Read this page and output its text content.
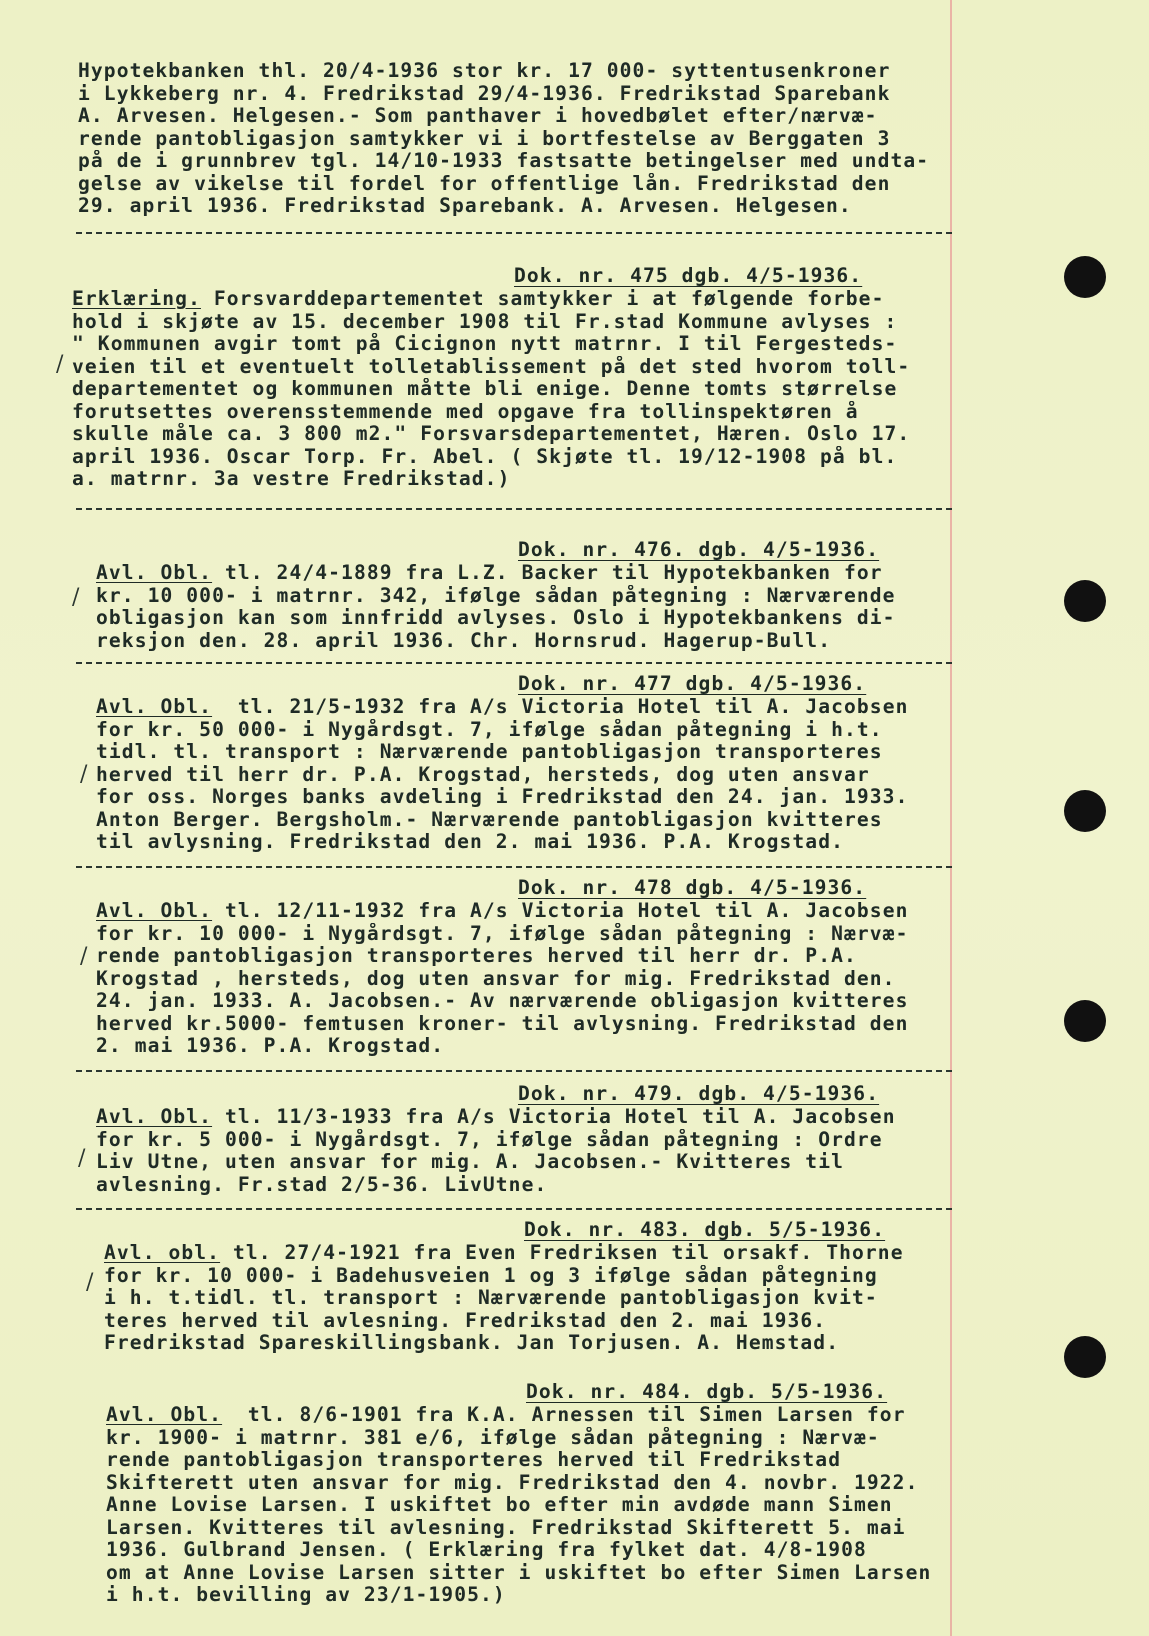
Hypotekbanken thl. 20/4-1936 stor kr. 17 000- syttentusenkroner
i Lykkeberg nr. 4. Fredrikstad 29/4-1936. Fredrikstad Sparebank
A. Arvesen. Helgesen.- Som panthaver i hovedbølet efter/nærvæ-
rende pantobligasjon samtykker vi i bortfestelse av Berggaten 3
på de i grunnbrev tgl. 14/10-1933 fastsatte betingelser med undta-
gelse av vikelse til fordel for offentlige lån. Fredrikstad den
29. april 1936. Fredrikstad Sparebank. A. Arvesen. Helgesen.
Dok. nr. 475 dgb. 4/5-1936.
Erklæring. Forsvarddepartementet samtykker i at følgende forbe-
hold i skjøte av 15. december 1908 til Fr.stad Kommune avlyses :
" Kommunen avgir tomt på Cicignon nytt matrnr. I til Fergesteds-
veien til et eventuelt tolletablissement på det sted hvorom toll-
departementet og kommunen måtte bli enige. Denne tomts størrelse
forutsettes overensstemmende med opgave fra tollinspektøren å
skulle måle ca. 3 800 m2." Forsvarsdepartementet, Hæren. Oslo 17.
april 1936. Oscar Torp. Fr. Abel. ( Skjøte tl. 19/12-1908 på bl.
a. matrnr. 3a vestre Fredrikstad.)
Dok. nr. 476. dgb. 4/5-1936.
Avl. Obl. tl. 24/4-1889 fra L.Z. Backer til Hypotekbanken for
kr. 10 000- i matrnr. 342, ifølge sådan påtegning : Nærværende
obligasjon kan som innfridd avlyses. Oslo i Hypotekbankens di-
reksjon den. 28. april 1936. Chr. Hornsrud. Hagerup-Bull.
Dok. nr. 477 dgb. 4/5-1936.
Avl. Obl.  tl. 21/5-1932 fra A/s Victoria Hotel til A. Jacobsen
for kr. 50 000- i Nygårdsgt. 7, ifølge sådan påtegning i h.t.
tidl. tl. transport : Nærværende pantobligasjon transporteres
herved til herr dr. P.A. Krogstad, hersteds, dog uten ansvar
for oss. Norges banks avdeling i Fredrikstad den 24. jan. 1933.
Anton Berger. Bergsholm.- Nærværende pantobligasjon kvitteres
til avlysning. Fredrikstad den 2. mai 1936. P.A. Krogstad.
Dok. nr. 478 dgb. 4/5-1936.
Avl. Obl. tl. 12/11-1932 fra A/s Victoria Hotel til A. Jacobsen
for kr. 10 000- i Nygårdsgt. 7, ifølge sådan påtegning : Nærvæ-
rende pantobligasjon transporteres herved til herr dr. P.A.
Krogstad , hersteds, dog uten ansvar for mig. Fredrikstad den.
24. jan. 1933. A. Jacobsen.- Av nærværende obligasjon kvitteres
herved kr.5000- femtusen kroner- til avlysning. Fredrikstad den
2. mai 1936. P.A. Krogstad.
Dok. nr. 479. dgb. 4/5-1936.
Avl. Obl. tl. 11/3-1933 fra A/s Victoria Hotel til A. Jacobsen
for kr. 5 000- i Nygårdsgt. 7, ifølge sådan påtegning : Ordre
Liv Utne, uten ansvar for mig. A. Jacobsen.- Kvitteres til
avlesning. Fr.stad 2/5-36. LivUtne.
Dok. nr. 483. dgb. 5/5-1936.
Avl. obl. tl. 27/4-1921 fra Even Fredriksen til orsakf. Thorne
for kr. 10 000- i Badehusveien 1 og 3 ifølge sådan påtegning
i h. t.tidl. tl. transport : Nærværende pantobligasjon kvit-
teres herved til avlesning. Fredrikstad den 2. mai 1936.
Fredrikstad Spareskillingsbank. Jan Torjusen. A. Hemstad.
Dok. nr. 484. dgb. 5/5-1936.
Avl. Obl.  tl. 8/6-1901 fra K.A. Arnessen til Simen Larsen for
kr. 1900- i matrnr. 381 e/6, ifølge sådan påtegning : Nærvæ-
rende pantobligasjon transporteres herved til Fredrikstad
Skifterett uten ansvar for mig. Fredrikstad den 4. novbr. 1922.
Anne Lovise Larsen. I uskiftet bo efter min avdøde mann Simen
Larsen. Kvitteres til avlesning. Fredrikstad Skifterett 5. mai
1936. Gulbrand Jensen. ( Erklæring fra fylket dat. 4/8-1908
om at Anne Lovise Larsen sitter i uskiftet bo efter Simen Larsen
i h.t. bevilling av 23/1-1905.)
/
/
/
/
/
/
